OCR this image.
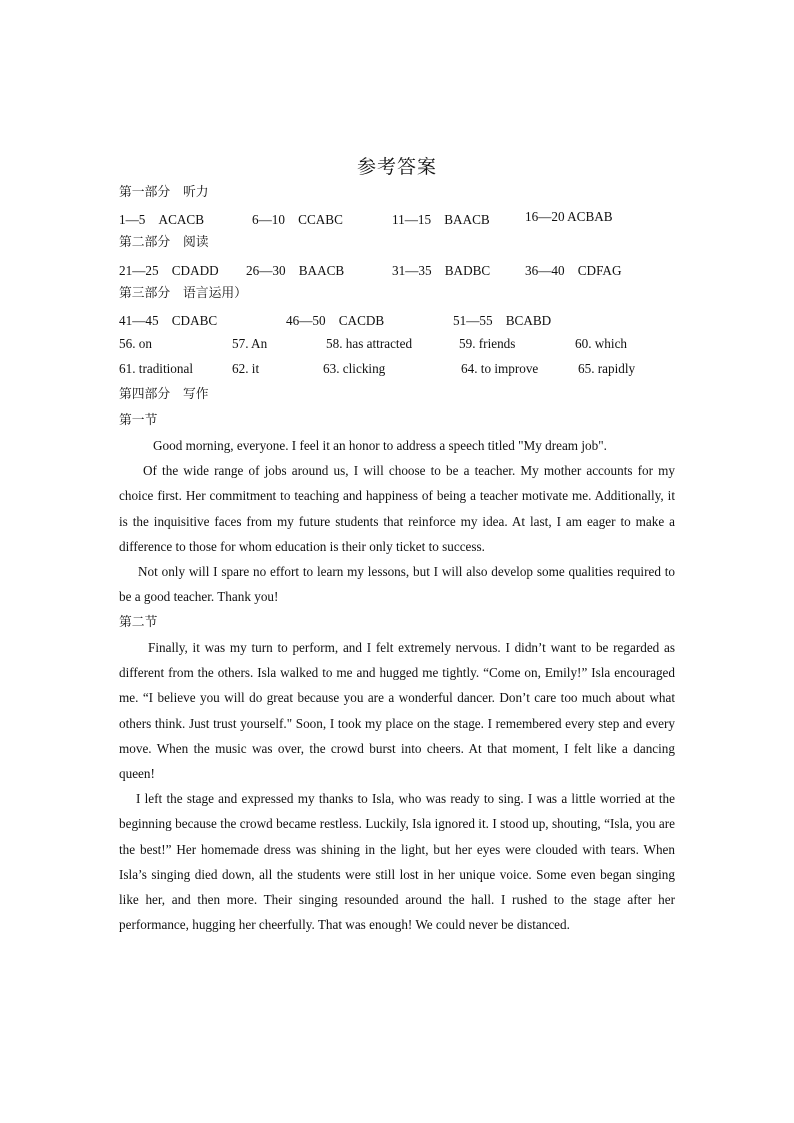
参考答案
第一部分　听力
1—5　ACACB	6—10　CCABC	11—15　BAACB	16—20 ACBAB
第二部分　阅读
21—25　CDADD 26—30　BAACB	31—35　BADBC	36—40　CDFAG
第三部分　语言运用）
41—45　CDABC	46—50　CACDB	51—55　BCABD
56. on	57. An	58. has attracted	59. friends	60. which
61. traditional	62. it	63. clicking	64. to improve	65. rapidly
第四部分　写作
第一节

Good morning, everyone. I feel it an honor to address a speech titled "My dream job".

Of the wide range of jobs around us, I will choose to be a teacher. My mother accounts for my choice first. Her commitment to teaching and happiness of being a teacher motivate me. Additionally, it is the inquisitive faces from my future students that reinforce my idea. At last, I am eager to make a difference to those for whom education is their only ticket to success.

Not only will I spare no effort to learn my lessons, but I will also develop some qualities required to be a good teacher. Thank you!

第二节

Finally, it was my turn to perform, and I felt extremely nervous. I didn’t want to be regarded as different from the others. Isla walked to me and hugged me tightly. “Come on, Emily!” Isla encouraged me. “I believe you will do great because you are a wonderful dancer. Don’t care too much about what others think. Just trust yourself." Soon, I took my place on the stage. I remembered every step and every move. When the music was over, the crowd burst into cheers. At that moment, I felt like a dancing queen!

I left the stage and expressed my thanks to Isla, who was ready to sing. I was a little worried at the beginning because the crowd became restless. Luckily, Isla ignored it. I stood up, shouting, “Isla, you are the best!” Her homemade dress was shining in the light, but her eyes were clouded with tears. When Isla’s singing died down, all the students were still lost in her unique voice. Some even began singing like her, and then more. Their singing resounded around the hall. I rushed to the stage after her performance, hugging her cheerfully. That was enough! We could never be distanced.
